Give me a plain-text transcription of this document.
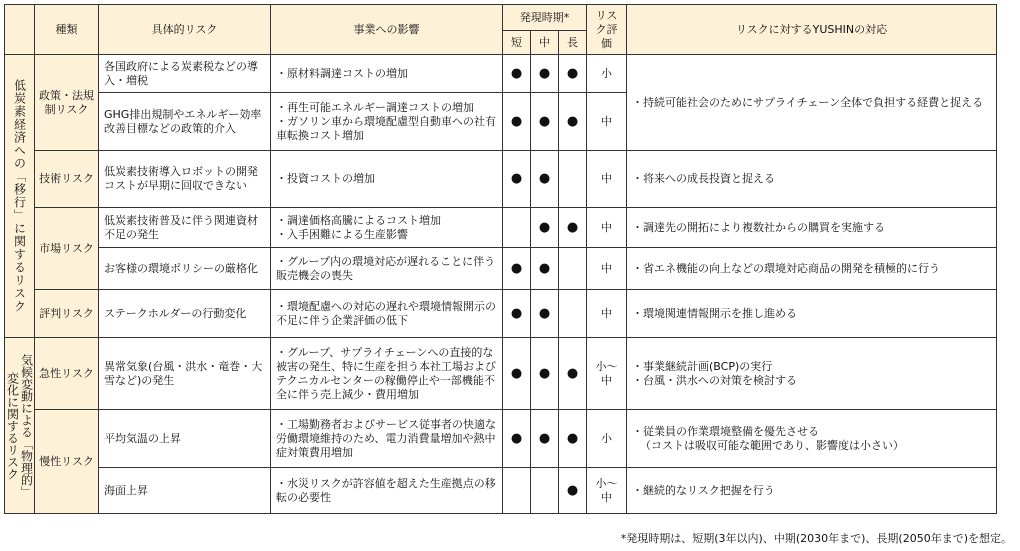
	種類	具体的リスク	事業への影響	発現時期*			リスク評価	リスクに対するYUSHINの対応
				短	中	長		

低炭素経済への「移行」に関するリスク	政策・法規制リスク	各国政府による炭素税などの導入・増税	・原材料調達コストの増加	●	●	●	小	・持続可能社会のためにサプライチェーン全体で負担する経費と捉える
		GHG排出規制やエネルギー効率改善目標などの政策的介入	・再生可能エネルギー調達コストの増加
・ガソリン車から環境配慮型自動車への社有車転換コスト増加	●	●	●	中	
	技術リスク	低炭素技術導入ロボットの開発コストが早期に回収できない	・投資コストの増加	●	●		中	・将来への成長投資と捉える
	市場リスク	低炭素技術普及に伴う関連資材不足の発生	・調達価格高騰によるコスト増加
・入手困難による生産影響		●	●	中	・調達先の開拓により複数社からの購買を実施する
		お客様の環境ポリシーの厳格化	・グループ内の環境対応が遅れることに伴う販売機会の喪失	●	●		中	・省エネ機能の向上などの環境対応商品の開発を積極的に行う
	評判リスク	ステークホルダーの行動変化	・環境配慮への対応の遅れや環境情報開示の不足に伴う企業評価の低下	●	●		中	・環境関連情報開示を推し進める

気候変動による「物理的」変化に関するリスク	急性リスク	異常気象(台風・洪水・竜巻・大雪など)の発生	・グループ、サプライチェーンへの直接的な被害の発生、特に生産を担う本社工場およびテクニカルセンターの稼働停止や一部機能不全に伴う売上減少・費用増加	●	●	●	小〜中	・事業継続計画(BCP)の実行
・台風・洪水への対策を検討する

	慢性リスク	平均気温の上昇	・工場勤務者およびサービス従事者の快適な労働環境維持のため、電力消費量増加や熱中症対策費用増加	●	●	●	小	・従業員の作業環境整備を優先させる
（コストは吸収可能な範囲であり、影響度は小さい）

		海面上昇	・水災リスクが許容値を超えた生産拠点の移転の必要性			●	小〜中	・継続的なリスク把握を行う
*発現時期は、短期(3年以内)、中期(2030年まで)、長期(2050年まで)を想定。
